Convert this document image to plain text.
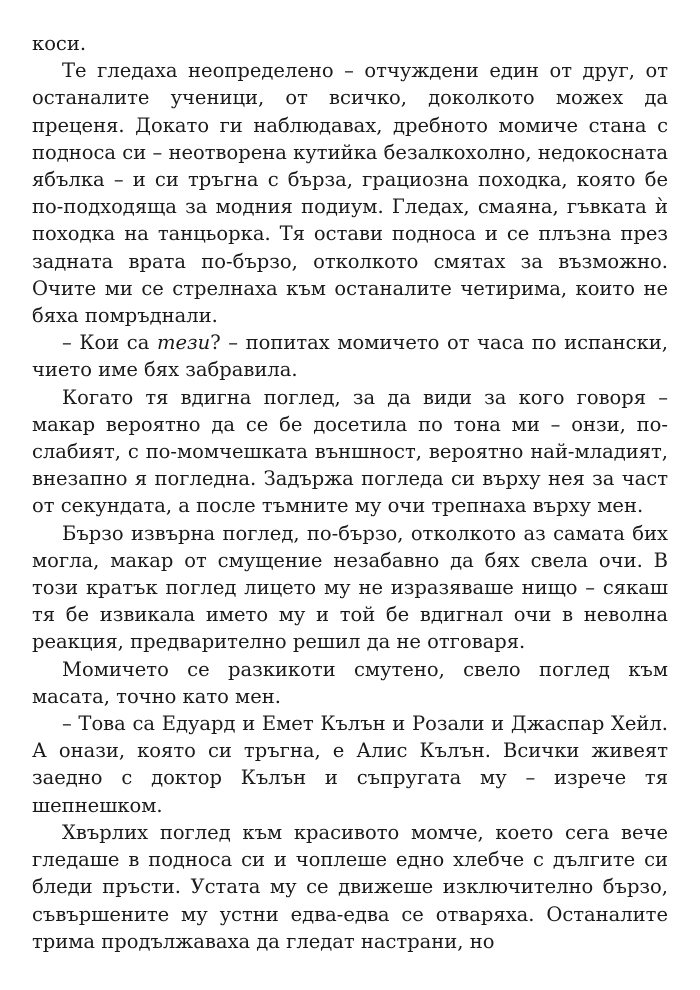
коси.

Те гледаха неопределено – отчуждени един от друг, от останалите ученици, от всичко, доколкото можех да преценя. Докато ги наблюдавах, дребното момиче стана с подноса си – неотворена кутийка безалкохолно, недокосната ябълка – и си тръгна с бърза, грациозна походка, която бе по-подходяща за модния подиум. Гледах, смаяна, гъвката ѝ походка на танцьорка. Тя остави подноса и се плъзна през задната врата по-бързо, отколкото смятах за възможно. Очите ми се стрелнаха към останалите четирима, които не бяха помръднали.

– Кои са тези? – попитах момичето от часа по испански, чието име бях забравила.

Когато тя вдигна поглед, за да види за кого говоря – макар вероятно да се бе досетила по тона ми – онзи, по-слабият, с по-момчешката външност, вероятно най-младият, внезапно я погледна. Задържа погледа си върху нея за част от секундата, а после тъмните му очи трепнаха върху мен.

Бързо извърна поглед, по-бързо, отколкото аз самата бих могла, макар от смущение незабавно да бях свела очи. В този кратък поглед лицето му не изразяваше нищо – сякаш тя бе извикала името му и той бе вдигнал очи в неволна реакция, предварително решил да не отговаря.

Момичето се разкикоти смутено, свело поглед към масата, точно като мен.

– Това са Едуард и Емет Кълън и Розали и Джаспар Хейл. А онази, която си тръгна, е Алис Кълън. Всички живеят заедно с доктор Кълън и съпругата му – изрече тя шепнешком.

Хвърлих поглед към красивото момче, което сега вече гледаше в подноса си и чоплеше едно хлебче с дългите си бледи пръсти. Устата му се движеше изключително бързо, съвършените му устни едва-едва се отваряха. Останалите трима продължаваха да гледат настрани, но
